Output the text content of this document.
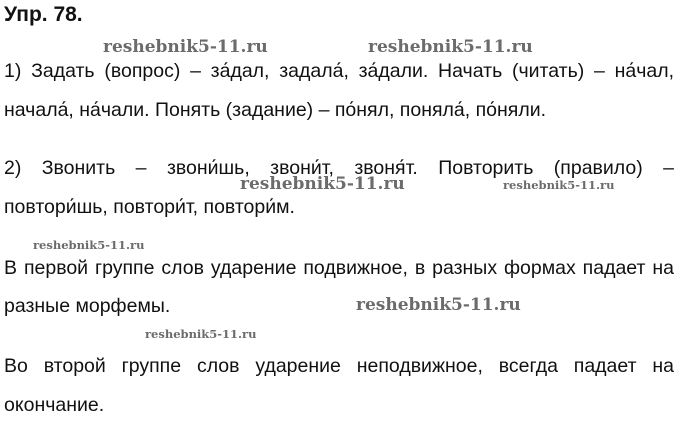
Упр. 78.
reshebnik5-11.ru	reshebnik5-11.ru
reshebnik5-11.ru	reshebnik5-11.ru
reshebnik5-11.ru
reshebnik5-11.ru
reshebnik5-11.ru
1) Задать (вопрос) – за́дал, задала́, за́дали. Начать (читать) – на́чал,
начала́, на́чали. Понять (задание) – по́нял, поняла́, по́няли.
2) Звонить – звони́шь, звони́т, звоня́т. Повторить (правило) –
повтори́шь, повтори́т, повтори́м.
В первой группе слов ударение подвижное, в разных формах падает на
разные морфемы.
Во второй группе слов ударение неподвижное, всегда падает на
окончание.
